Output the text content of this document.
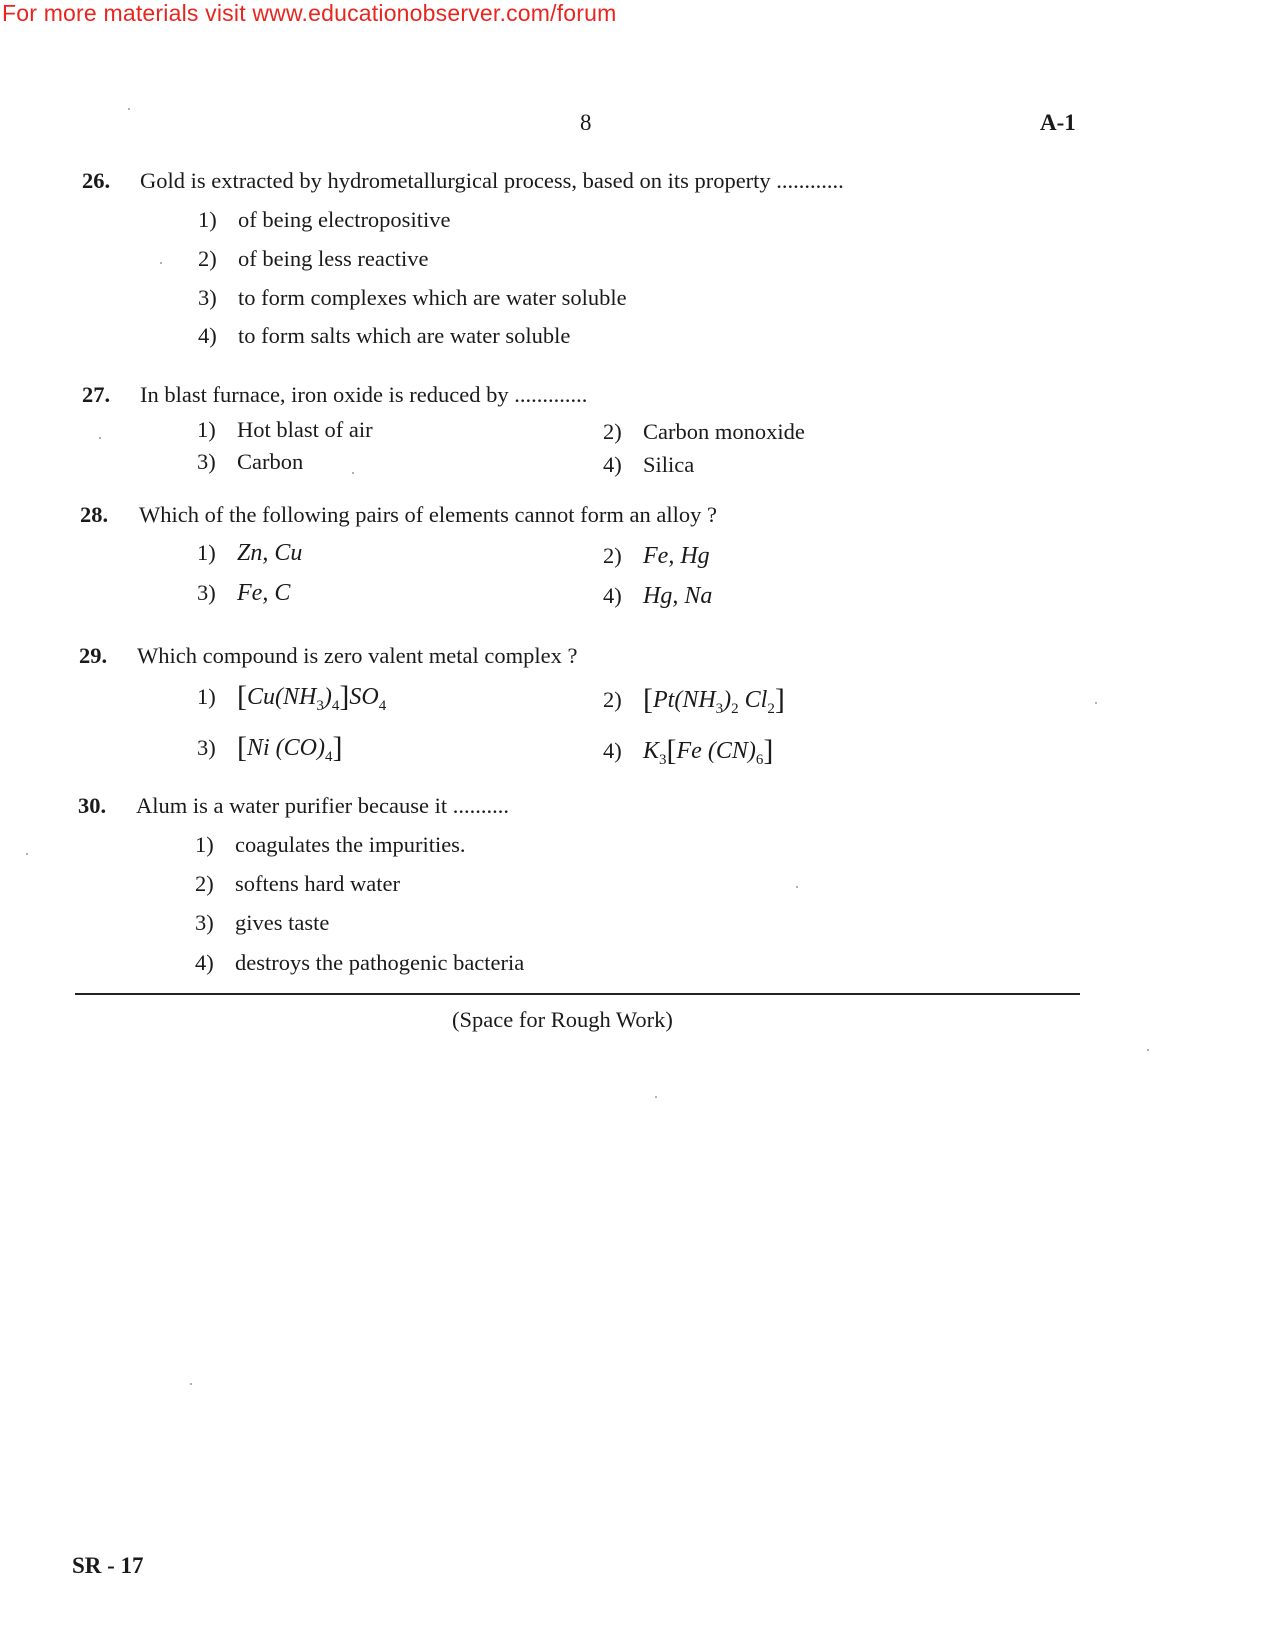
For more materials visit www.educationobserver.com/forum
8	A-1
26. Gold is extracted by hydrometallurgical process, based on its property ............
1) of being electropositive
2) of being less reactive
3) to form complexes which are water soluble
4) to form salts which are water soluble
27. In blast furnace, iron oxide is reduced by .............
1) Hot blast of air	2) Carbon monoxide
3) Carbon	4) Silica
28. Which of the following pairs of elements cannot form an alloy ?
1) Zn, Cu	2) Fe, Hg
3) Fe, C	4) Hg, Na
29. Which compound is zero valent metal complex ?
1) $[Cu(NH_3)_4]SO_4$	2) [$Pt(NH_3)_2$ $Cl_2$]
3) [Ni $(CO)_4$]	4) $K_3[Fe$ $(CN)_6$]
30. Alum is a water purifier because it ..........
1) coagulates the impurities.
2) softens hard water
3) gives taste
4) destroys the pathogenic bacteria
(Space for Rough Work)
SR - 17
